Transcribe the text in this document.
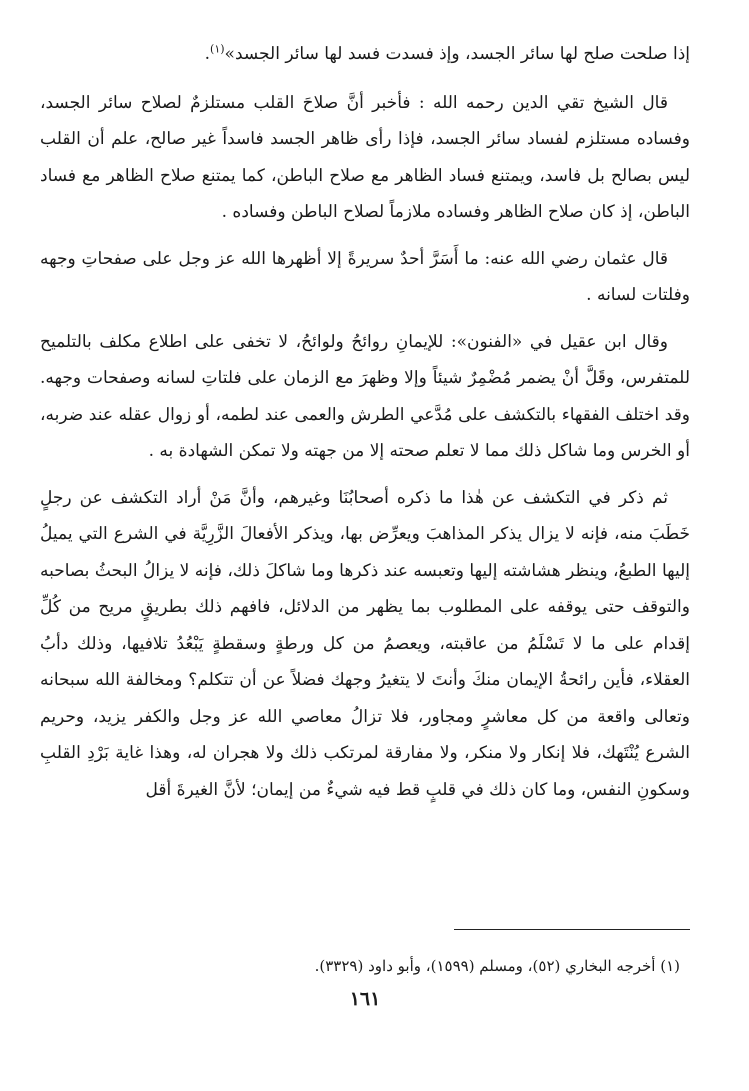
إذا صلحت صلح لها سائر الجسد، وإذ فسدت فسد لها سائر الجسد»$^{(١)}$.

قال الشيخ تقي الدين رحمه الله : فأخبر أنَّ صلاحَ القلب مستلزمٌ لصلاح سائر الجسد، وفساده مستلزم لفساد سائر الجسد، فإذا رأى ظاهر الجسد فاسداً غير صالح، علم أن القلب ليس بصالح بل فاسد، ويمتنع فساد الظاهر مع صلاح الباطن، كما يمتنع صلاح الظاهر مع فساد الباطن، إذ كان صلاح الظاهر وفساده ملازماً لصلاح الباطن وفساده .

قال عثمان رضي الله عنه: ما أَسَرَّ أحدٌ سريرةً إلا أظهرها الله عز وجل على صفحاتِ وجهه وفلتات لسانه .

وقال ابن عقيل في «الفنون»: للإيمانِ روائحُ ولوائحُ، لا تخفى على اطلاع مكلف بالتلميح للمتفرس، وقَلَّ أنْ يضمر مُضْمِرٌ شيئاً وإلا وظهرَ مع الزمان على فلتاتِ لسانه وصفحات وجهه. وقد اختلف الفقهاء بالتكشف على مُدَّعي الطرش والعمى عند لطمه، أو زوال عقله عند ضربه، أو الخرس وما شاكل ذلك مما لا تعلم صحته إلا من جهته ولا تمكن الشهادة به .

ثم ذكر في التكشف عن هٰذا ما ذكره أصحابُنَا وغيرهم، وأنَّ مَنْ أراد التكشف عن رجلٍ خَطَبَ منه، فإنه لا يزال يذكر المذاهبَ ويعرِّض بها، ويذكر الأفعالَ الزَّرِيَّة في الشرع التي يميلُ إليها الطبعُ، وينظر هشاشته إليها وتعبسه عند ذكرها وما شاكلَ ذلك، فإنه لا يزالُ البحثُ بصاحبه والتوقف حتى يوقفه على المطلوب بما يظهر من الدلائل، فافهم ذلك بطريقٍ مريح من كُلِّ إقدام على ما لا تَسْلَمُ من عاقبته، ويعصمُ من كل ورطةٍ وسقطةٍ يَبْعُدُ تلافيها، وذلك دأبُ العقلاء، فأين رائحةُ الإيمان منكَ وأنتَ لا يتغيرُ وجهك فضلاً عن أن تتكلم؟ ومخالفة الله سبحانه وتعالى واقعة من كل معاشرٍ ومجاور، فلا تزالُ معاصي الله عز وجل والكفر يزيد، وحريم الشرع يُنْتَهك، فلا إنكار ولا منكر، ولا مفارقة لمرتكب ذلك ولا هجران له، وهذا غاية بَرْدِ القلبِ وسكونِ النفس، وما كان ذلك في قلبٍ قط فيه شيءٌ من إيمان؛ لأنَّ الغيرةَ أقل

(١) أخرجه البخاري (٥٢)، ومسلم (١٥٩٩)، وأبو داود (٣٣٢٩).
١٦١
